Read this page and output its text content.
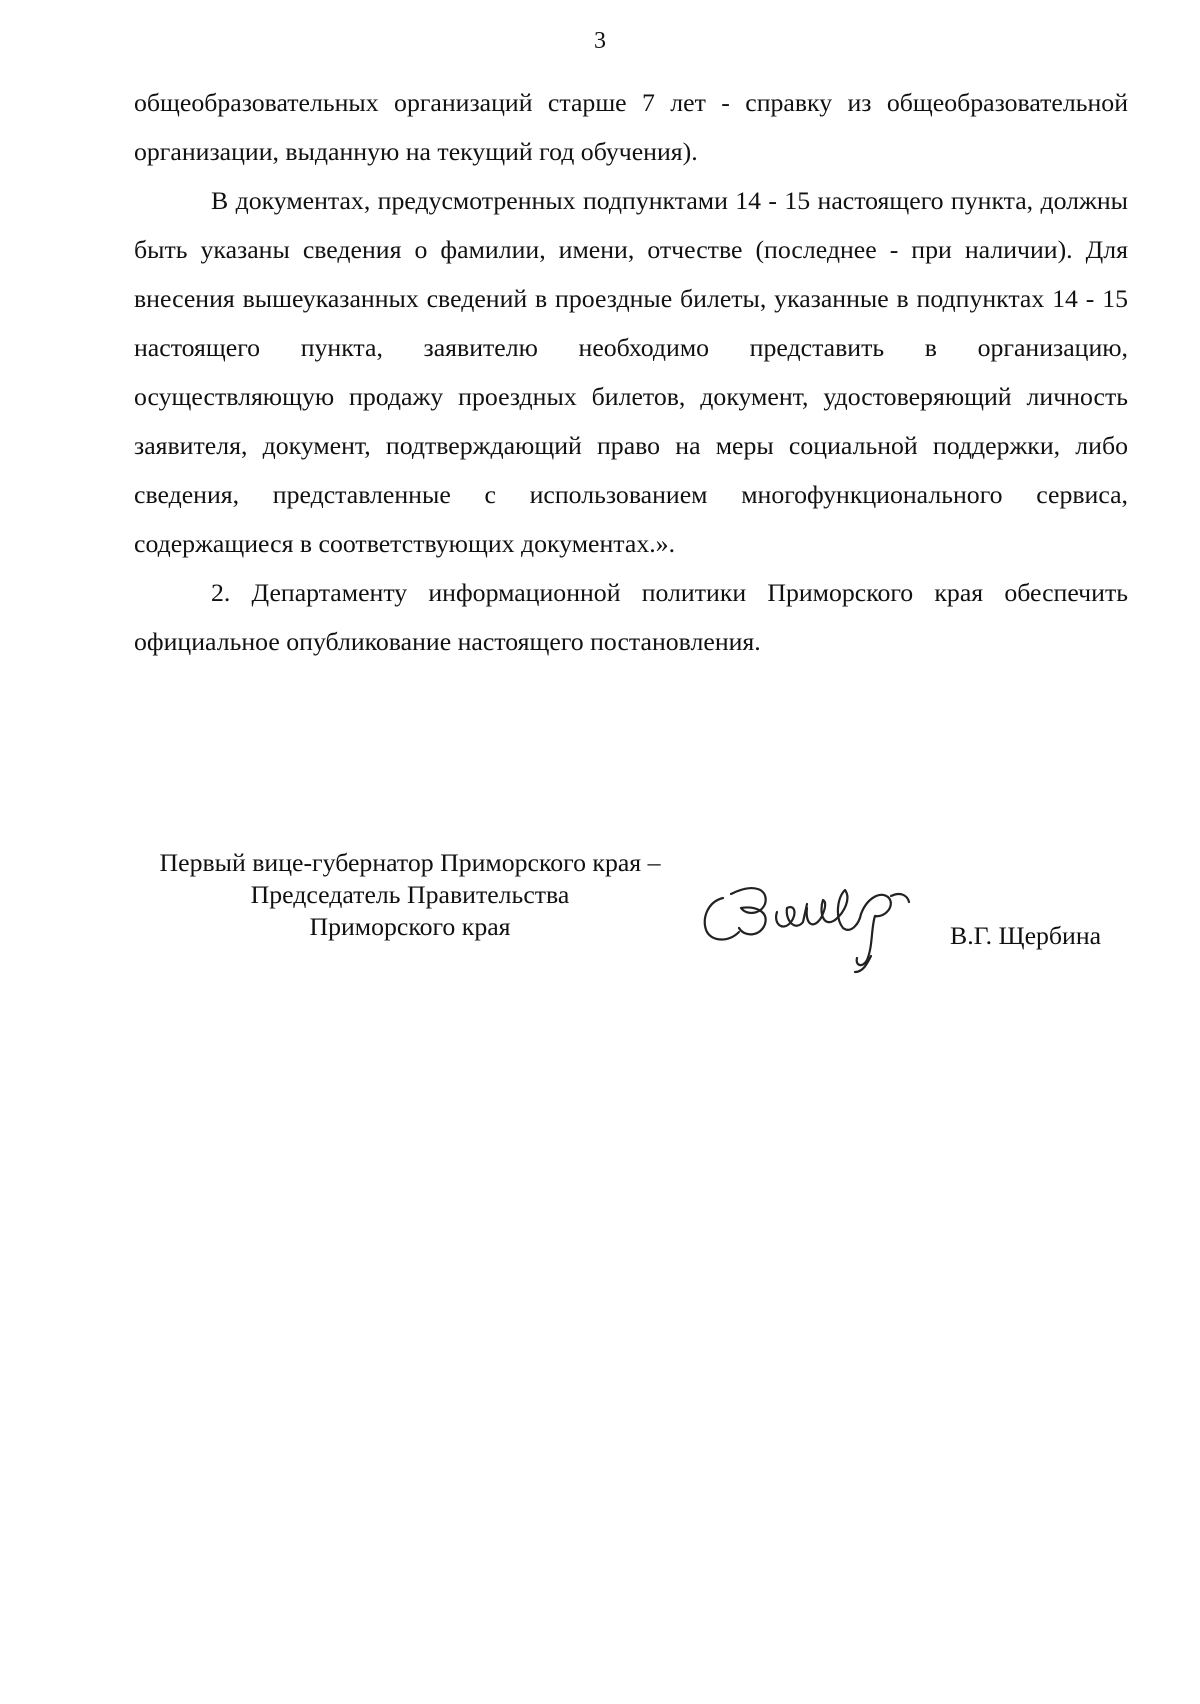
3

общеобразовательных организаций старше 7 лет - справку из общеобразовательной организации, выданную на текущий год обучения).

В документах, предусмотренных подпунктами 14 - 15 настоящего пункта, должны быть указаны сведения о фамилии, имени, отчестве (последнее - при наличии). Для внесения вышеуказанных сведений в проездные билеты, указанные в подпунктах 14 - 15 настоящего пункта, заявителю необходимо представить в организацию, осуществляющую продажу проездных билетов, документ, удостоверяющий личность заявителя, документ, подтверждающий право на меры социальной поддержки, либо сведения, представленные с использованием многофункционального сервиса, содержащиеся в соответствующих документах.».

2. Департаменту информационной политики Приморского края обеспечить официальное опубликование настоящего постановления.

Первый вице-губернатор Приморского края –
Председатель Правительства
Приморского края	В.Г. Щербина
